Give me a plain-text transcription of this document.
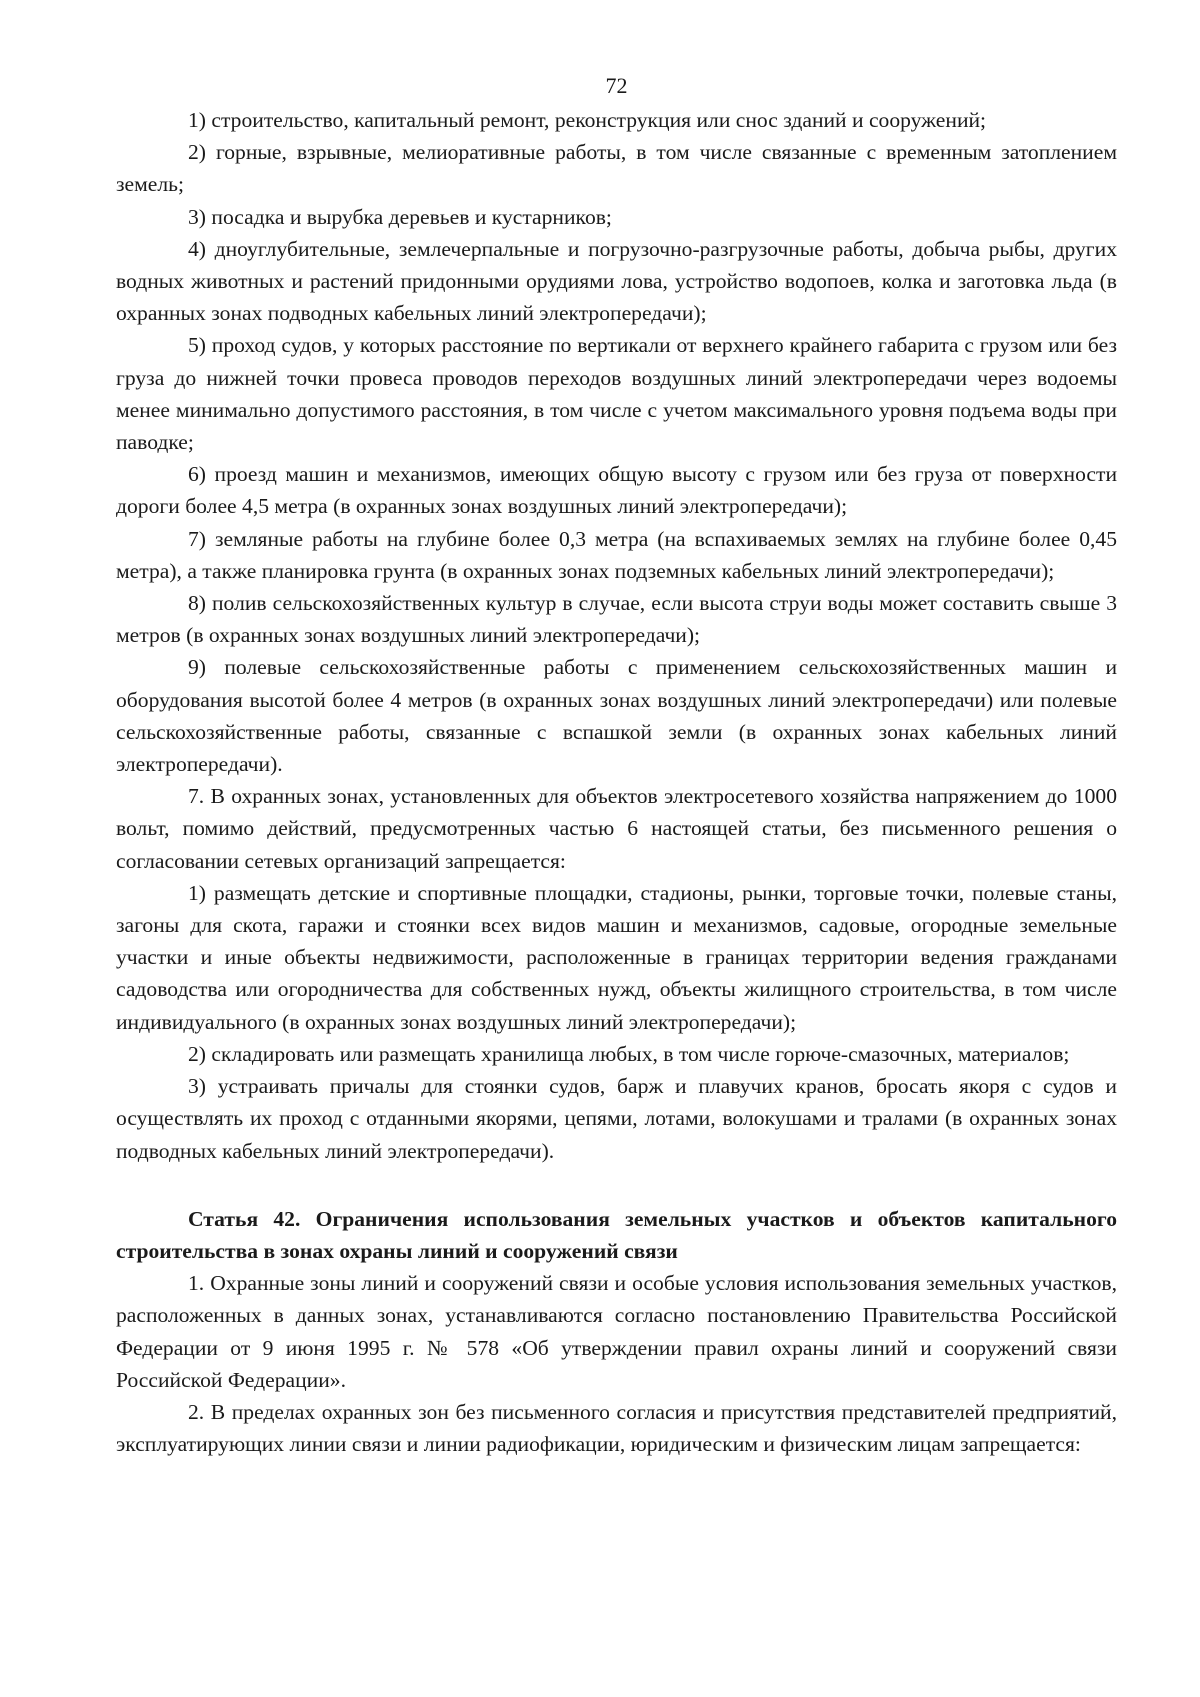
72

1) строительство, капитальный ремонт, реконструкция или снос зданий и сооружений;

2) горные, взрывные, мелиоративные работы, в том числе связанные с временным затоплением земель;

3) посадка и вырубка деревьев и кустарников;

4) дноуглубительные, землечерпальные и погрузочно-разгрузочные работы, добыча рыбы, других водных животных и растений придонными орудиями лова, устройство водопоев, колка и заготовка льда (в охранных зонах подводных кабельных линий электропередачи);

5) проход судов, у которых расстояние по вертикали от верхнего крайнего габарита с грузом или без груза до нижней точки провеса проводов переходов воздушных линий электропередачи через водоемы менее минимально допустимого расстояния, в том числе с учетом максимального уровня подъема воды при паводке;

6) проезд машин и механизмов, имеющих общую высоту с грузом или без груза от поверхности дороги более 4,5 метра (в охранных зонах воздушных линий электропередачи);

7) земляные работы на глубине более 0,3 метра (на вспахиваемых землях на глубине более 0,45 метра), а также планировка грунта (в охранных зонах подземных кабельных линий электропередачи);

8) полив сельскохозяйственных культур в случае, если высота струи воды может составить свыше 3 метров (в охранных зонах воздушных линий электропередачи);

9) полевые сельскохозяйственные работы с применением сельскохозяйственных машин и оборудования высотой более 4 метров (в охранных зонах воздушных линий электропередачи) или полевые сельскохозяйственные работы, связанные с вспашкой земли (в охранных зонах кабельных линий электропередачи).

7. В охранных зонах, установленных для объектов электросетевого хозяйства напряжением до 1000 вольт, помимо действий, предусмотренных частью 6 настоящей статьи, без письменного решения о согласовании сетевых организаций запрещается:

1) размещать детские и спортивные площадки, стадионы, рынки, торговые точки, полевые станы, загоны для скота, гаражи и стоянки всех видов машин и механизмов, садовые, огородные земельные участки и иные объекты недвижимости, расположенные в границах территории ведения гражданами садоводства или огородничества для собственных нужд, объекты жилищного строительства, в том числе индивидуального (в охранных зонах воздушных линий электропередачи);

2) складировать или размещать хранилища любых, в том числе горюче-смазочных, материалов;

3) устраивать причалы для стоянки судов, барж и плавучих кранов, бросать якоря с судов и осуществлять их проход с отданными якорями, цепями, лотами, волокушами и тралами (в охранных зонах подводных кабельных линий электропередачи).

Статья 42. Ограничения использования земельных участков и объектов капитального строительства в зонах охраны линий и сооружений связи

1. Охранные зоны линий и сооружений связи и особые условия использования земельных участков, расположенных в данных зонах, устанавливаются согласно постановлению Правительства Российской Федерации от 9 июня 1995 г. № 578 «Об утверждении правил охраны линий и сооружений связи Российской Федерации».

2. В пределах охранных зон без письменного согласия и присутствия представителей предприятий, эксплуатирующих линии связи и линии радиофикации, юридическим и физическим лицам запрещается:
